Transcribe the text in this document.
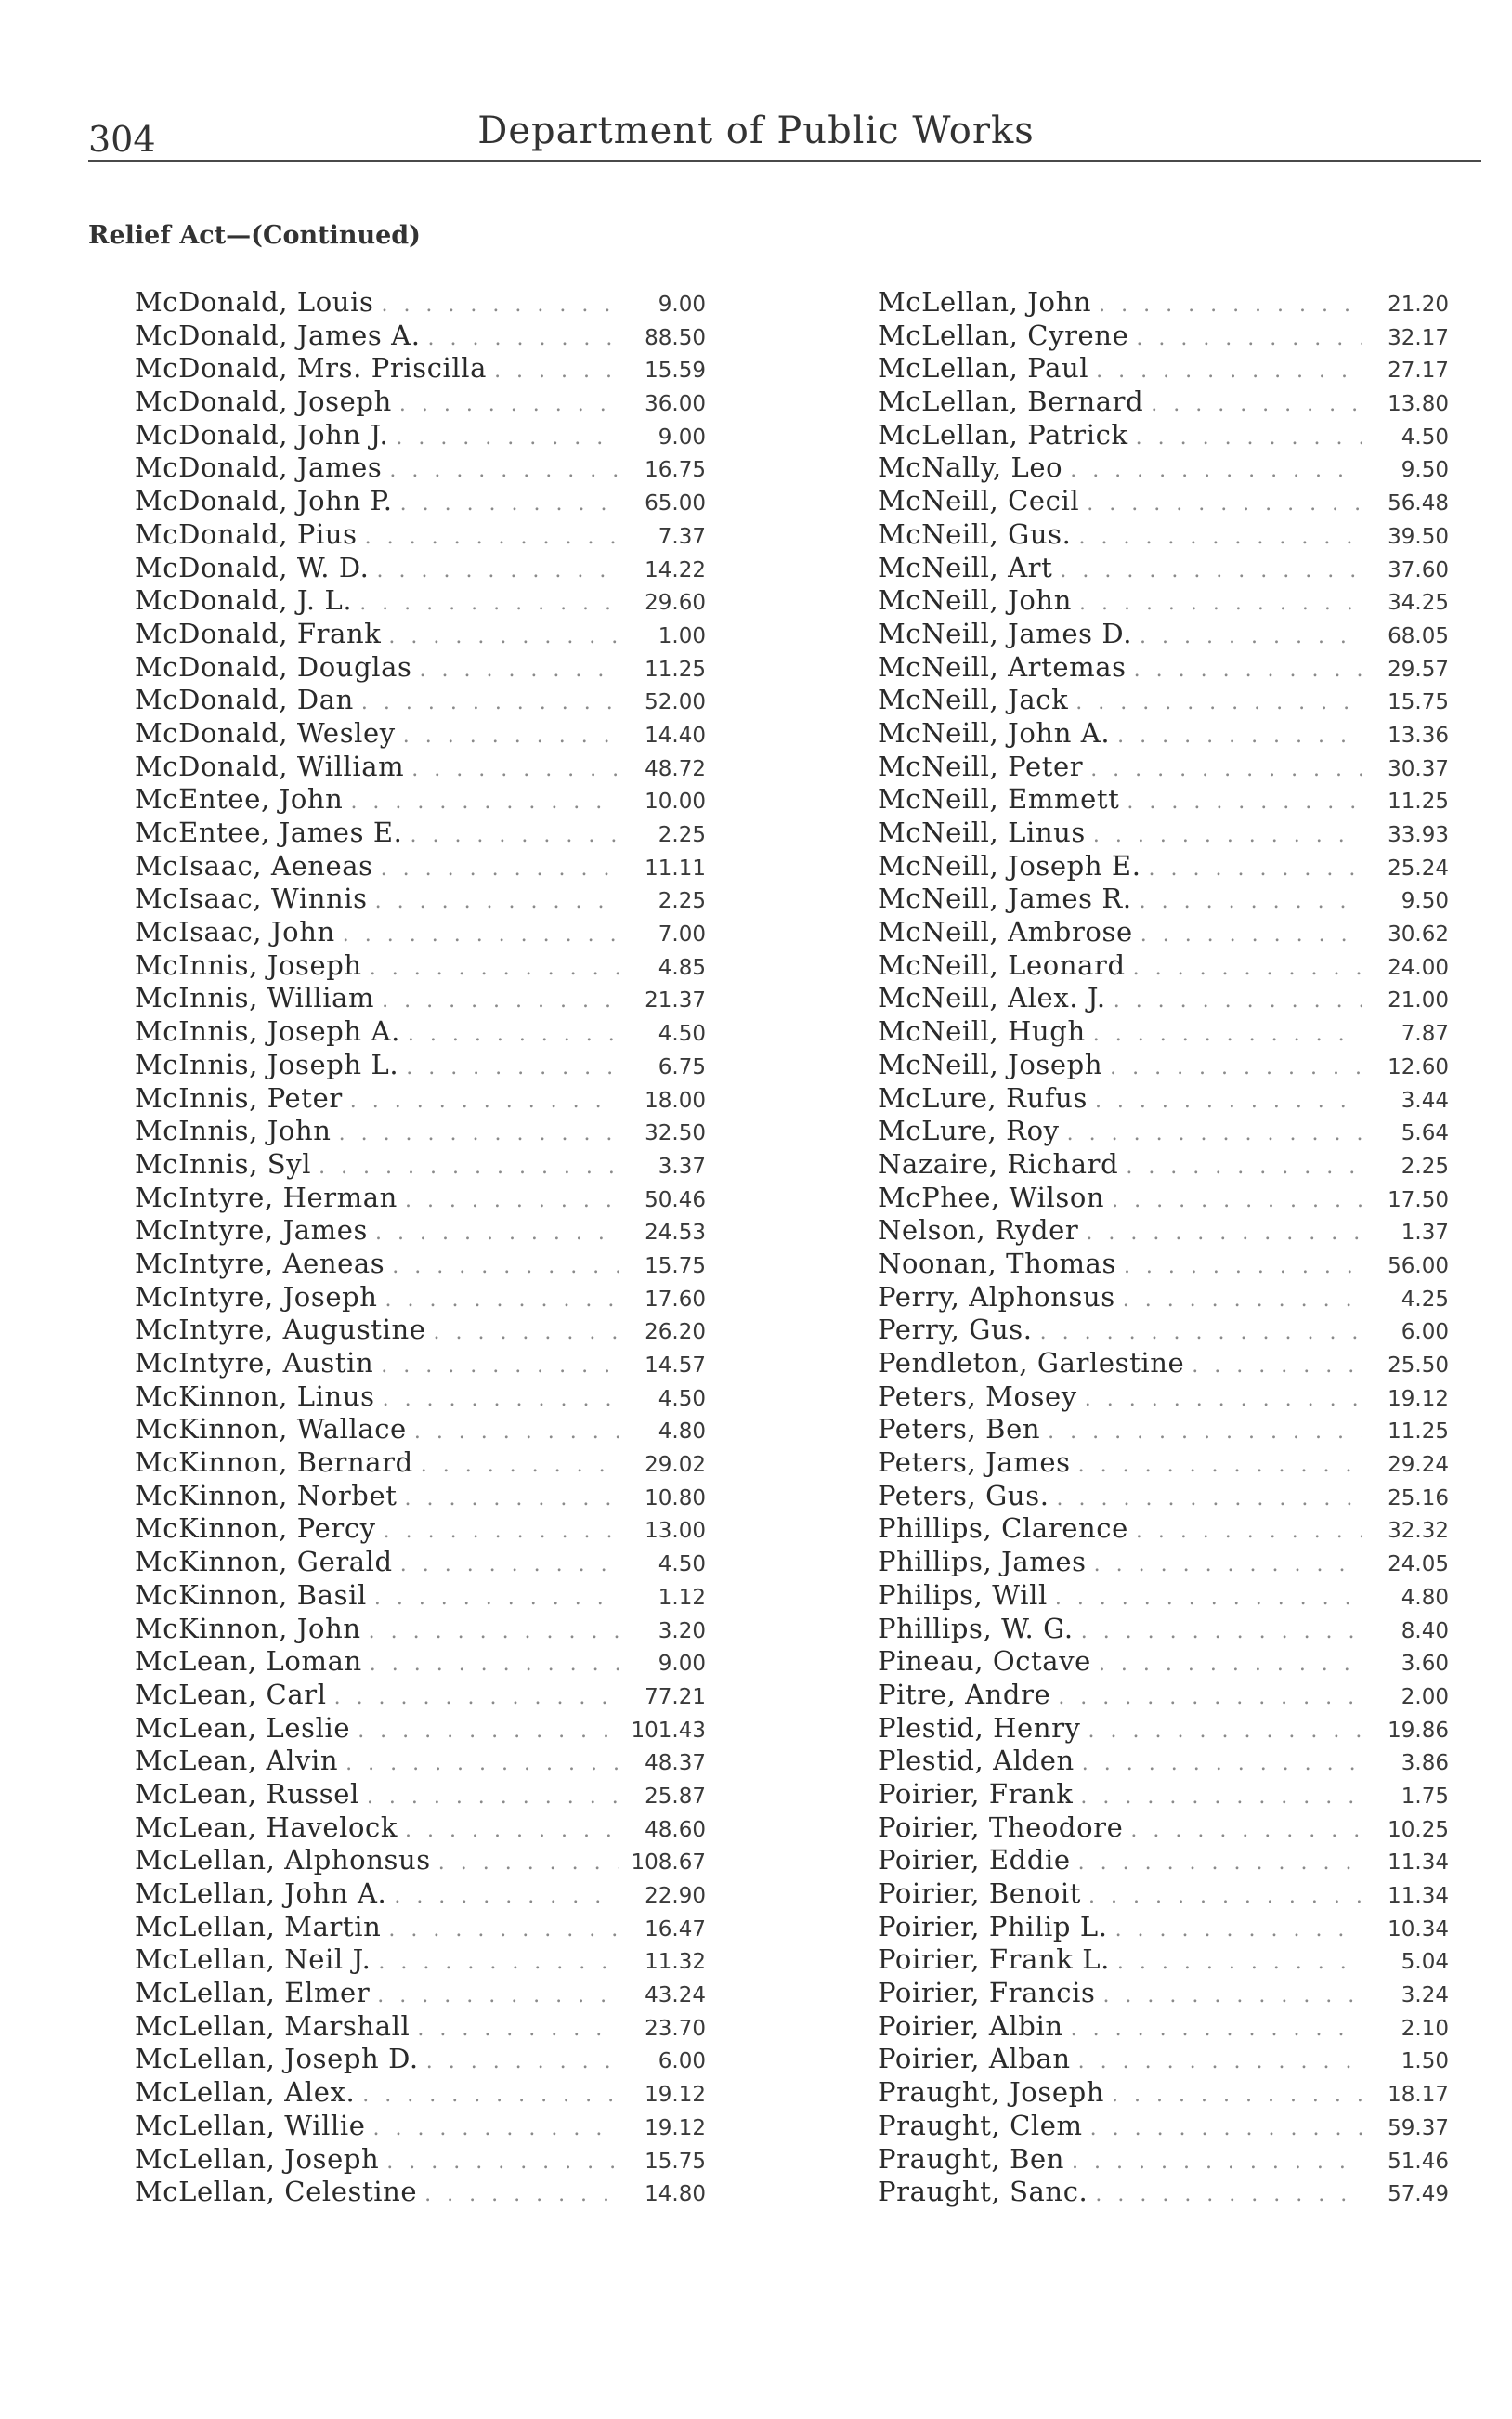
304	Department of Public Works
Relief Act—(Continued)
McDonald, Louis . . .	9.00
McDonald, James A. . . .	88.50
McDonald, Mrs. Priscilla . . .	15.59
McDonald, Joseph . . .	36.00
McDonald, John J. . . .	9.00
McDonald, James . . .	16.75
McDonald, John P. . . .	65.00
McDonald, Pius . . .	7.37
McDonald, W. D. . . .	14.22
McDonald, J. L. . . .	29.60
McDonald, Frank . . .	1.00
McDonald, Douglas . . .	11.25
McDonald, Dan . . .	52.00
McDonald, Wesley . . .	14.40
McDonald, William . . .	48.72
McEntee, John . . .	10.00
McEntee, James E. . . .	2.25
McIsaac, Aeneas . . .	11.11
McIsaac, Winnis . . .	2.25
McIsaac, John . . .	7.00
McInnis, Joseph . . .	4.85
McInnis, William . . .	21.37
McInnis, Joseph A. . . .	4.50
McInnis, Joseph L. . . .	6.75
McInnis, Peter . . .	18.00
McInnis, John . . .	32.50
McInnis, Syl . . .	3.37
McIntyre, Herman . . .	50.46
McIntyre, James . . .	24.53
McIntyre, Aeneas . . .	15.75
McIntyre, Joseph . . .	17.60
McIntyre, Augustine . . .	26.20
McIntyre, Austin . . .	14.57
McKinnon, Linus . . .	4.50
McKinnon, Wallace . . .	4.80
McKinnon, Bernard . . .	29.02
McKinnon, Norbet . . .	10.80
McKinnon, Percy . . .	13.00
McKinnon, Gerald . . .	4.50
McKinnon, Basil . . .	1.12
McKinnon, John . . .	3.20
McLean, Loman . . .	9.00
McLean, Carl . . .	77.21
McLean, Leslie . . .	101.43
McLean, Alvin . . .	48.37
McLean, Russel . . .	25.87
McLean, Havelock . . .	48.60
McLellan, Alphonsus . . .	108.67
McLellan, John A. . . .	22.90
McLellan, Martin . . .	16.47
McLellan, Neil J. . . .	11.32
McLellan, Elmer . . .	43.24
McLellan, Marshall . . .	23.70
McLellan, Joseph D. . . .	6.00
McLellan, Alex. . . .	19.12
McLellan, Willie . . .	19.12
McLellan, Joseph . . .	15.75
McLellan, Celestine . . .	14.80
McLellan, John . . .	21.20
McLellan, Cyrene . . .	32.17
McLellan, Paul . . .	27.17
McLellan, Bernard . . .	13.80
McLellan, Patrick . . .	4.50
McNally, Leo . . .	9.50
McNeill, Cecil . . .	56.48
McNeill, Gus. . . .	39.50
McNeill, Art . . .	37.60
McNeill, John . . .	34.25
McNeill, James D. . . .	68.05
McNeill, Artemas . . .	29.57
McNeill, Jack . . .	15.75
McNeill, John A. . . .	13.36
McNeill, Peter . . .	30.37
McNeill, Emmett . . .	11.25
McNeill, Linus . . .	33.93
McNeill, Joseph E. . . .	25.24
McNeill, James R. . . .	9.50
McNeill, Ambrose . . .	30.62
McNeill, Leonard . . .	24.00
McNeill, Alex. J. . . .	21.00
McNeill, Hugh . . .	7.87
McNeill, Joseph . . .	12.60
McLure, Rufus . . .	3.44
McLure, Roy . . .	5.64
Nazaire, Richard . . .	2.25
McPhee, Wilson . . .	17.50
Nelson, Ryder . . .	1.37
Noonan, Thomas . . .	56.00
Perry, Alphonsus . . .	4.25
Perry, Gus. . . .	6.00
Pendleton, Garlestine . . .	25.50
Peters, Mosey . . .	19.12
Peters, Ben . . .	11.25
Peters, James . . .	29.24
Peters, Gus. . . .	25.16
Phillips, Clarence . . .	32.32
Phillips, James . . .	24.05
Philips, Will . . .	4.80
Phillips, W. G. . . .	8.40
Pineau, Octave . . .	3.60
Pitre, Andre . . .	2.00
Plestid, Henry . . .	19.86
Plestid, Alden . . .	3.86
Poirier, Frank . . .	1.75
Poirier, Theodore . . .	10.25
Poirier, Eddie . . .	11.34
Poirier, Benoit . . .	11.34
Poirier, Philip L. . . .	10.34
Poirier, Frank L. . . .	5.04
Poirier, Francis . . .	3.24
Poirier, Albin . . .	2.10
Poirier, Alban . . .	1.50
Praught, Joseph . . .	18.17
Praught, Clem . . .	59.37
Praught, Ben . . .	51.46
Praught, Sanc. . . .	57.49
